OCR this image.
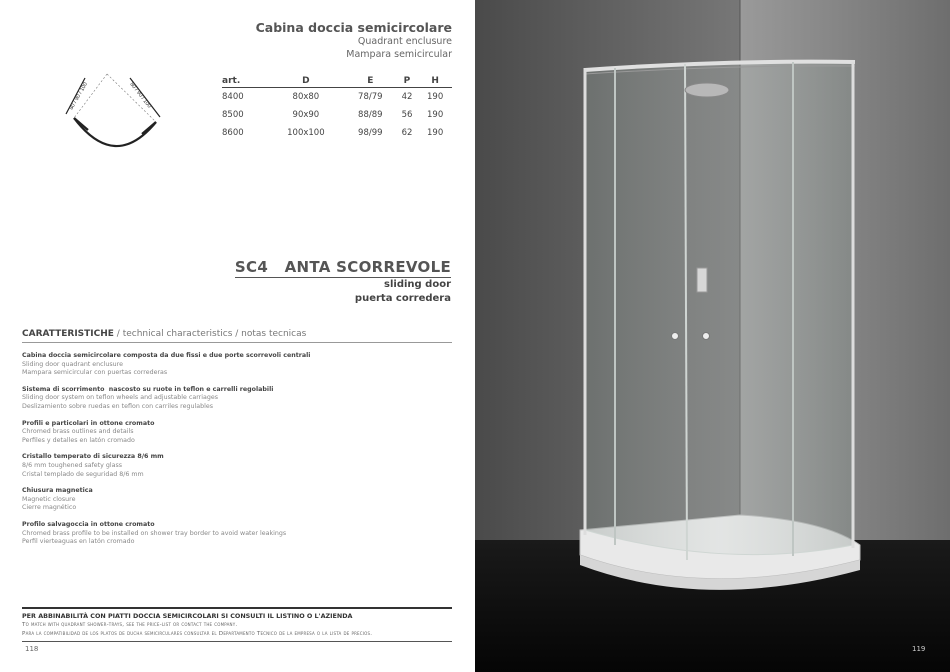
Cabina doccia semicircolare
Quadrant enclusure
Mampara semicircular
80 / 90 / 100	80 / 90 / 100
art.	D	E	P	H
8400	80x80	78/79	42	190
8500	90x90	88/89	56	190
8600	100x100	98/99	62	190
SC4   ANTA SCORREVOLE
sliding door
puerta corredera
CARATTERISTICHE / technical characteristics / notas tecnicas
Cabina doccia semicircolare composta da due fissi e due porte scorrevoli centrali
Sliding door quadrant enclusure
Mampara semicircular con puertas correderas
Sistema di scorrimento  nascosto su ruote in teflon e carrelli regolabili
Sliding door system on teflon wheels and adjustable carriages
Deslizamiento sobre ruedas en teflon con carriles regulables
Profili e particolari in ottone cromato
Chromed brass outlines and details
Perfiles y detalles en latón cromado
Cristallo temperato di sicurezza 8/6 mm
8/6 mm toughened safety glass
Cristal templado de seguridad 8/6 mm
Chiusura magnetica
Magnetic closure
Cierre magnético
Profilo salvagoccia in ottone cromato
Chromed brass profile to be installed on shower tray border to avoid water leakings
Perfil vierteaguas en latón cromado
PER ABBINABILITÀ CON PIATTI DOCCIA SEMICIRCOLARI SI CONSULTI IL LISTINO O L'AZIENDA
To match with quadrant shower-trays, see the price-list or contact the company.
Para la compatibilidad de los platos de ducha semicirculares consultar el Departamento Tecnico de la empresa o la lista de precios.
118	119
